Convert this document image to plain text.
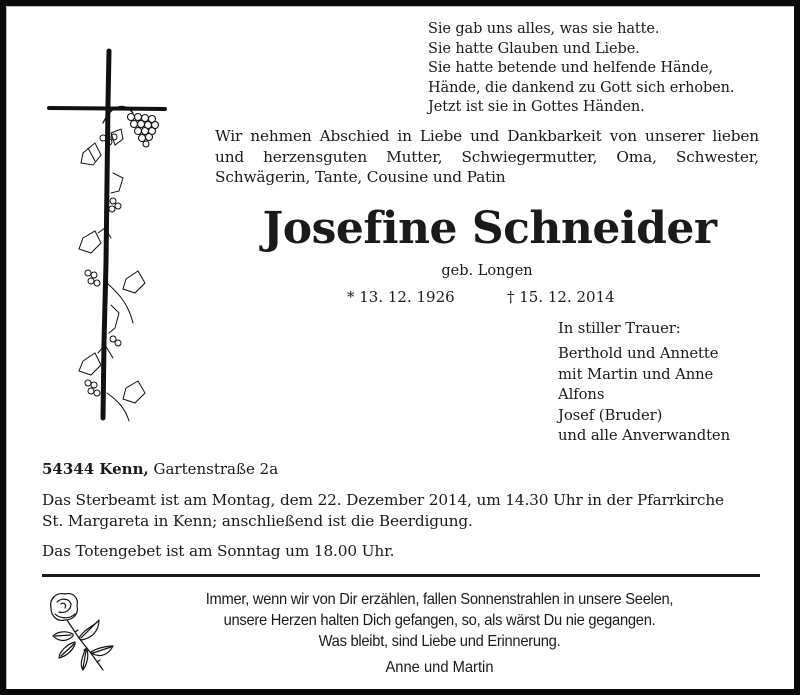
Sie gab uns alles, was sie hatte.
Sie hatte Glauben und Liebe.
Sie hatte betende und helfende Hände,
Hände, die dankend zu Gott sich erhoben.
Jetzt ist sie in Gottes Händen.
Wir nehmen Abschied in Liebe und Dankbarkeit von unserer lieben
und herzensguten Mutter, Schwiegermutter, Oma, Schwester,
Schwägerin, Tante, Cousine und Patin
Josefine Schneider
geb. Longen
* 13. 12. 1926	† 15. 12. 2014
In stiller Trauer:
Berthold und Annette
mit Martin und Anne
Alfons
Josef (Bruder)
und alle Anverwandten
54344 Kenn, Gartenstraße 2a
Das Sterbeamt ist am Montag, dem 22. Dezember 2014, um 14.30 Uhr in der Pfarrkirche
St. Margareta in Kenn; anschließend ist die Beerdigung.
Das Totengebet ist am Sonntag um 18.00 Uhr.
Immer, wenn wir von Dir erzählen, fallen Sonnenstrahlen in unsere Seelen,
unsere Herzen halten Dich gefangen, so, als wärst Du nie gegangen.
Was bleibt, sind Liebe und Erinnerung.
Anne und Martin
